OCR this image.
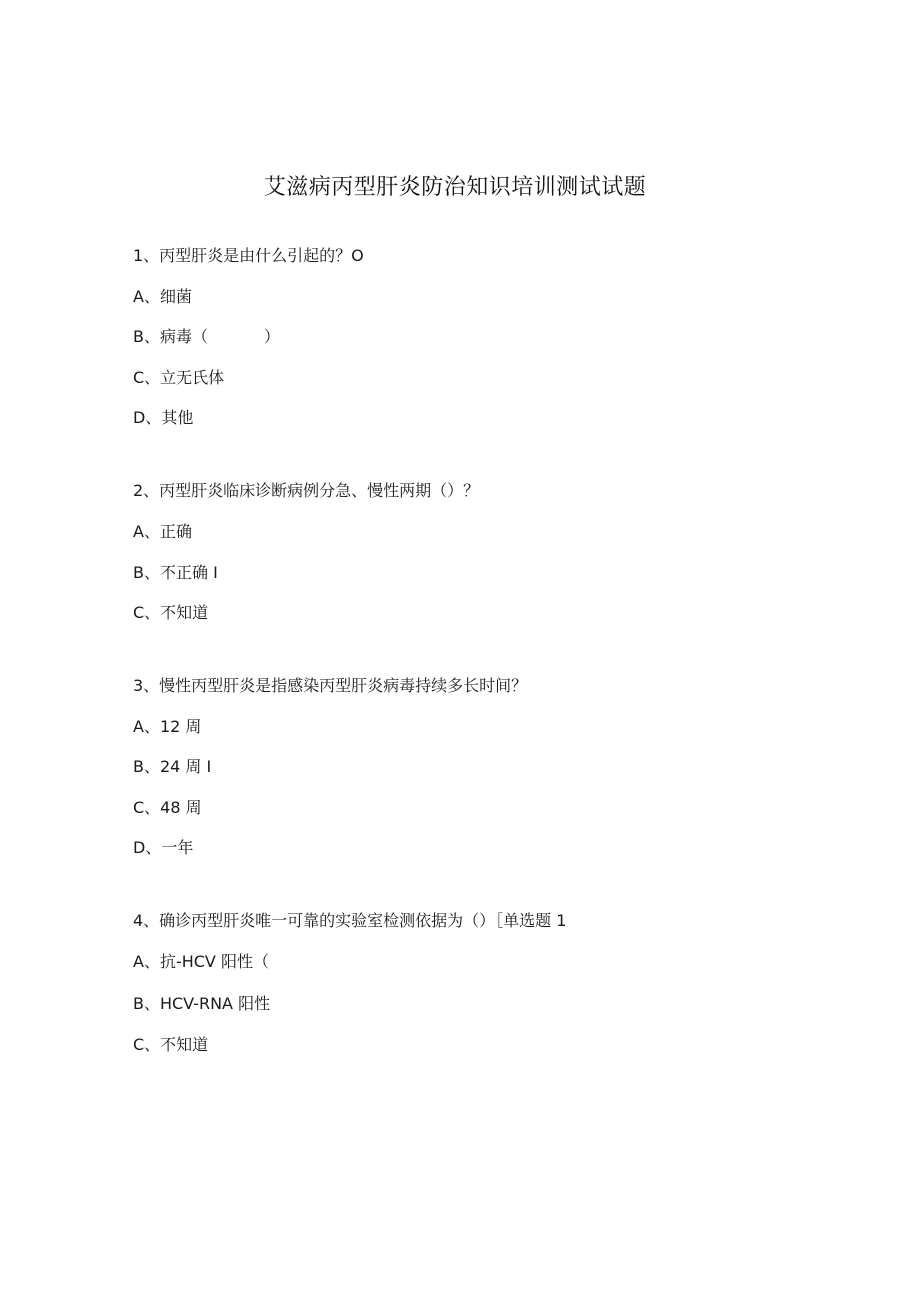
艾滋病丙型肝炎防治知识培训测试试题
1、丙型肝炎是由什么引起的？O
A、细菌
B、病毒（           ）
C、立无氏体
D、其他
2、丙型肝炎临床诊断病例分急、慢性两期（）？
A、正确
B、不正确 I
C、不知道
3、慢性丙型肝炎是指感染丙型肝炎病毒持续多长时间？
A、12 周
B、24 周 I
C、48 周
D、一年
4、确诊丙型肝炎唯一可靠的实验室检测依据为（）［单选题 1
A、抗-HCV 阳性（
B、HCV-RNA 阳性
C、不知道
